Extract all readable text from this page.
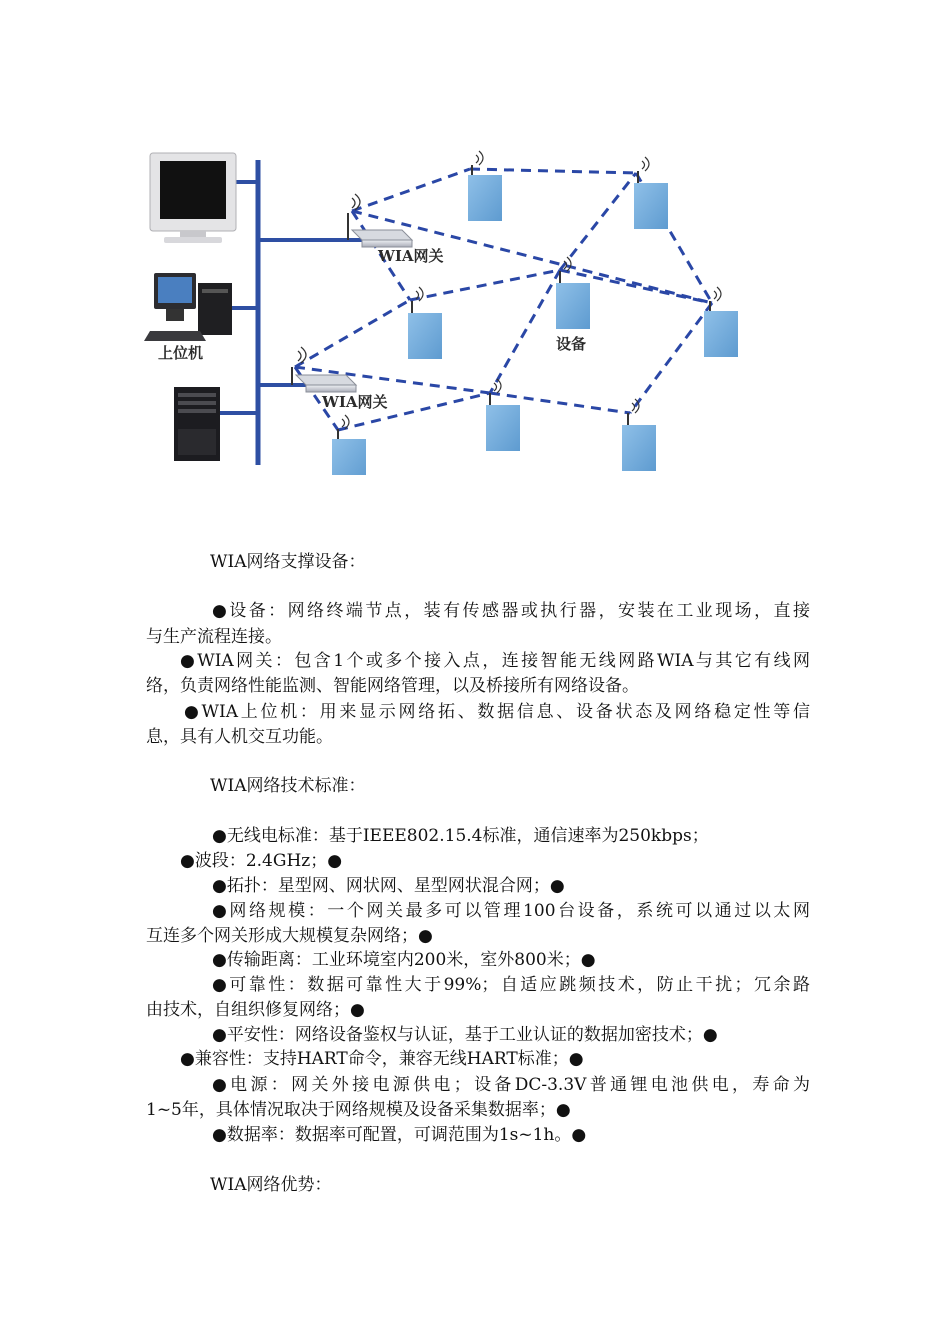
上位机
WIA网关
WIA网关
设备
WIA网络支撑设备：
●设备：网络终端节点，装有传感器或执行器，安装在工业现场，直接
与生产流程连接。
●WIA网关：包含1个或多个接入点，连接智能无线网路WIA与其它有线网
络，负责网络性能监测、智能网络管理，以及桥接所有网络设备。
●WIA上位机：用来显示网络拓、数据信息、设备状态及网络稳定性等信
息，具有人机交互功能。
WIA网络技术标准：
●无线电标准：基于IEEE802.15.4标准，通信速率为250kbps；
●波段：2.4GHz；●
●拓扑：星型网、网状网、星型网状混合网；●
●网络规模：一个网关最多可以管理100台设备，系统可以通过以太网
互连多个网关形成大规模复杂网络；●
●传输距离：工业环境室内200米，室外800米；●
●可靠性：数据可靠性大于99%；自适应跳频技术，防止干扰；冗余路
由技术，自组织修复网络；●
●平安性：网络设备鉴权与认证，基于工业认证的数据加密技术；●
●兼容性：支持HART命令，兼容无线HART标准；●
●电源：网关外接电源供电；设备DC-3.3V普通锂电池供电，寿命为
1~5年，具体情况取决于网络规模及设备采集数据率；●
●数据率：数据率可配置，可调范围为1s~1h。●
WIA网络优势：
